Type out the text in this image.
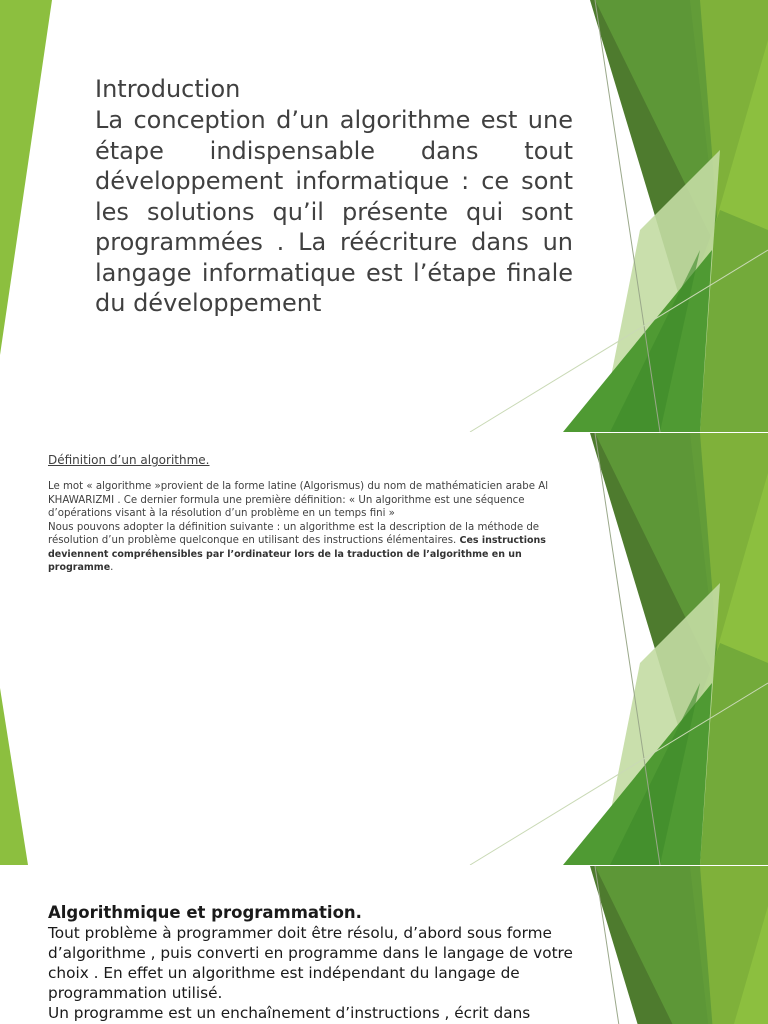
Introduction
La conception d’un algorithme est une étape indispensable dans tout développement informatique : ce sont les solutions qu’il présente qui sont programmées . La réécriture dans un langage informatique est l’étape finale du développement
Définition d’un algorithme.
Le mot « algorithme »provient de la forme latine (Algorismus) du nom de mathématicien arabe Al KHAWARIZMI . Ce dernier formula une première définition: « Un algorithme est une séquence d’opérations visant à la résolution d’un problème en un temps fini »
Nous pouvons adopter la définition suivante : un algorithme est la description de la méthode de résolution d’un problème quelconque en utilisant des instructions élémentaires. Ces instructions deviennent compréhensibles par l’ordinateur lors de la traduction de l’algorithme en un programme.
Algorithmique et programmation.
Tout problème à programmer doit être résolu, d’abord sous forme d’algorithme , puis converti en programme dans le langage de votre choix . En effet un algorithme est indépendant du langage de programmation utilisé.
Un programme est un enchaînement d’instructions , écrit dans
